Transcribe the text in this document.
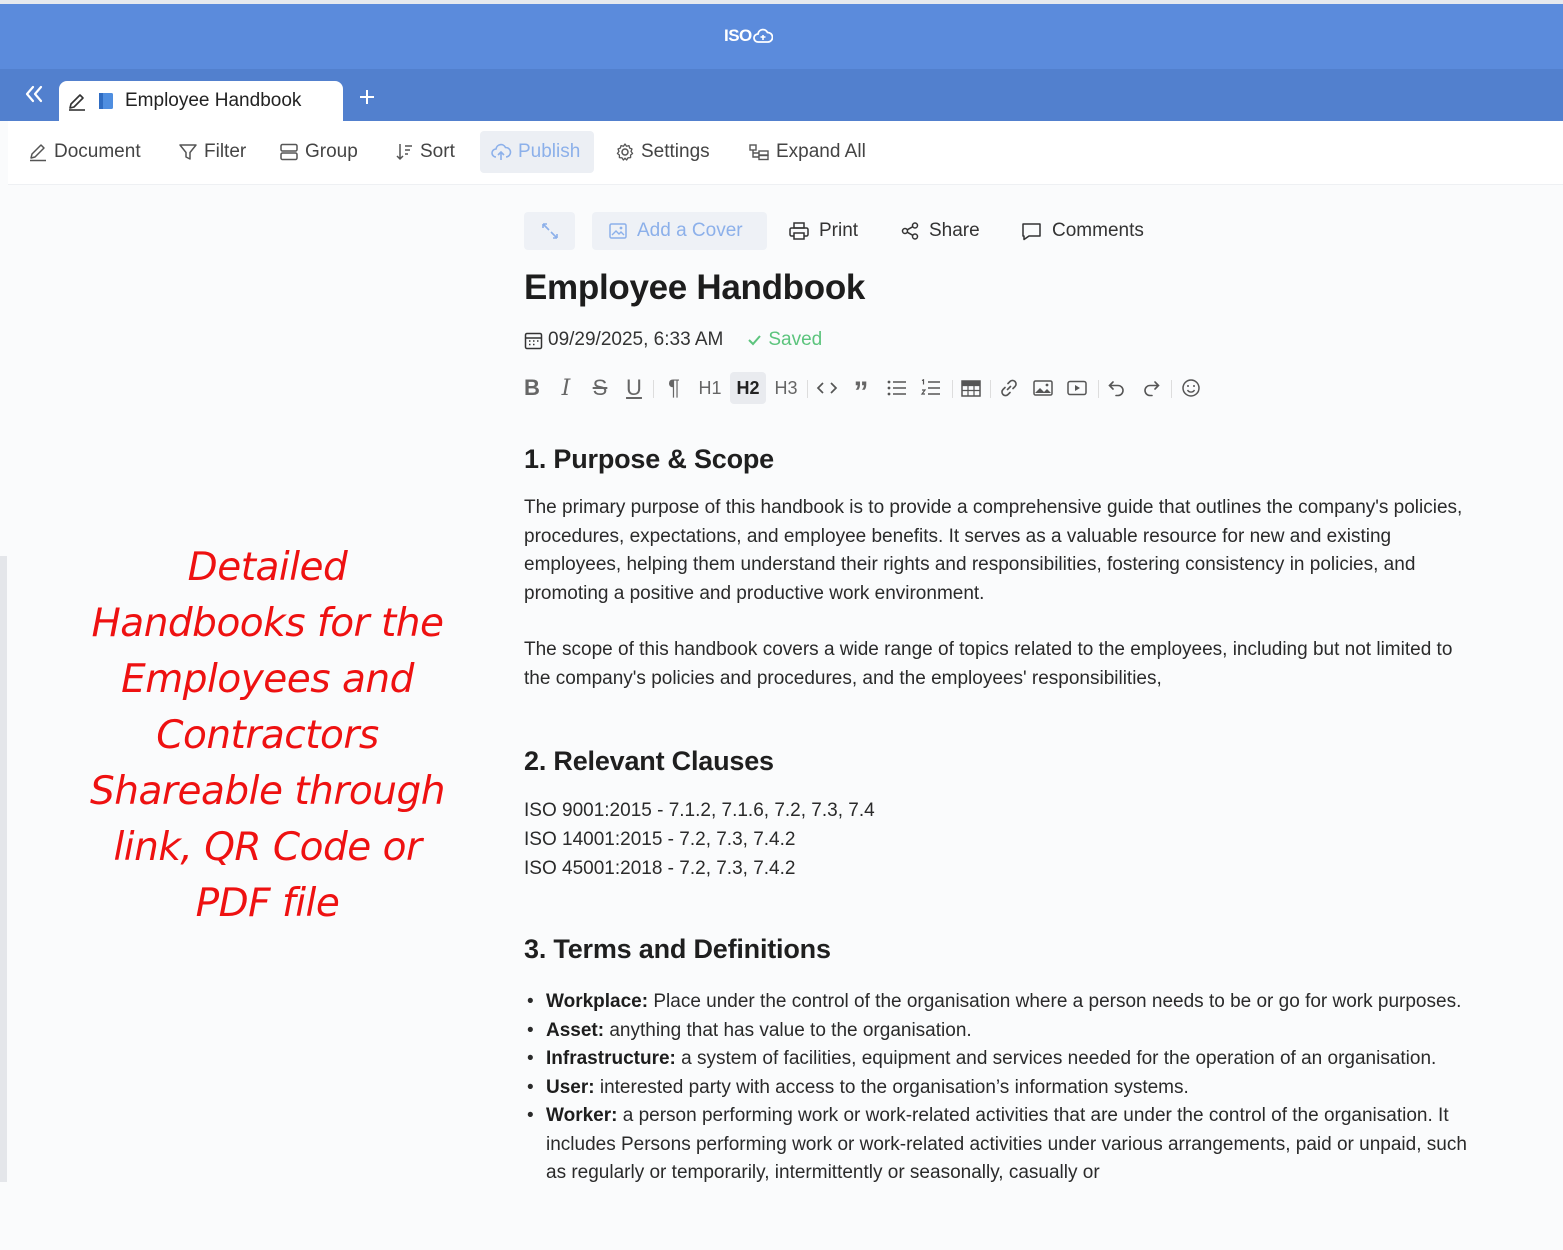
ISO
Employee Handbook
Document	Filter	Group	Sort	Publish	Settings	Expand All
Detailed Handbooks for the Employees and Contractors Shareable through link, QR Code or PDF file
Add a Cover	Print	Share	Comments
Employee Handbook
09/29/2025, 6:33 AM Saved
B I S U ¶ H1 H2 H3 ”
1. Purpose & Scope
The primary purpose of this handbook is to provide a comprehensive guide that outlines the company's policies, procedures, expectations, and employee benefits. It serves as a valuable resource for new and existing employees, helping them understand their rights and responsibilities, fostering consistency in policies, and promoting a positive and productive work environment.
The scope of this handbook covers a wide range of topics related to the employees, including but not limited to the company's policies and procedures, and the employees' responsibilities,
2. Relevant Clauses
ISO 9001:2015 - 7.1.2, 7.1.6, 7.2, 7.3, 7.4
ISO 14001:2015 - 7.2, 7.3, 7.4.2
ISO 45001:2018 - 7.2, 7.3, 7.4.2
3. Terms and Definitions
• Workplace: Place under the control of the organisation where a person needs to be or go for work purposes.
• Asset: anything that has value to the organisation.
• Infrastructure: a system of facilities, equipment and services needed for the operation of an organisation.
• User: interested party with access to the organisation’s information systems.
• Worker: a person performing work or work-related activities that are under the control of the organisation. It includes Persons performing work or work-related activities under various arrangements, paid or unpaid, such as regularly or temporarily, intermittently or seasonally, casually or
